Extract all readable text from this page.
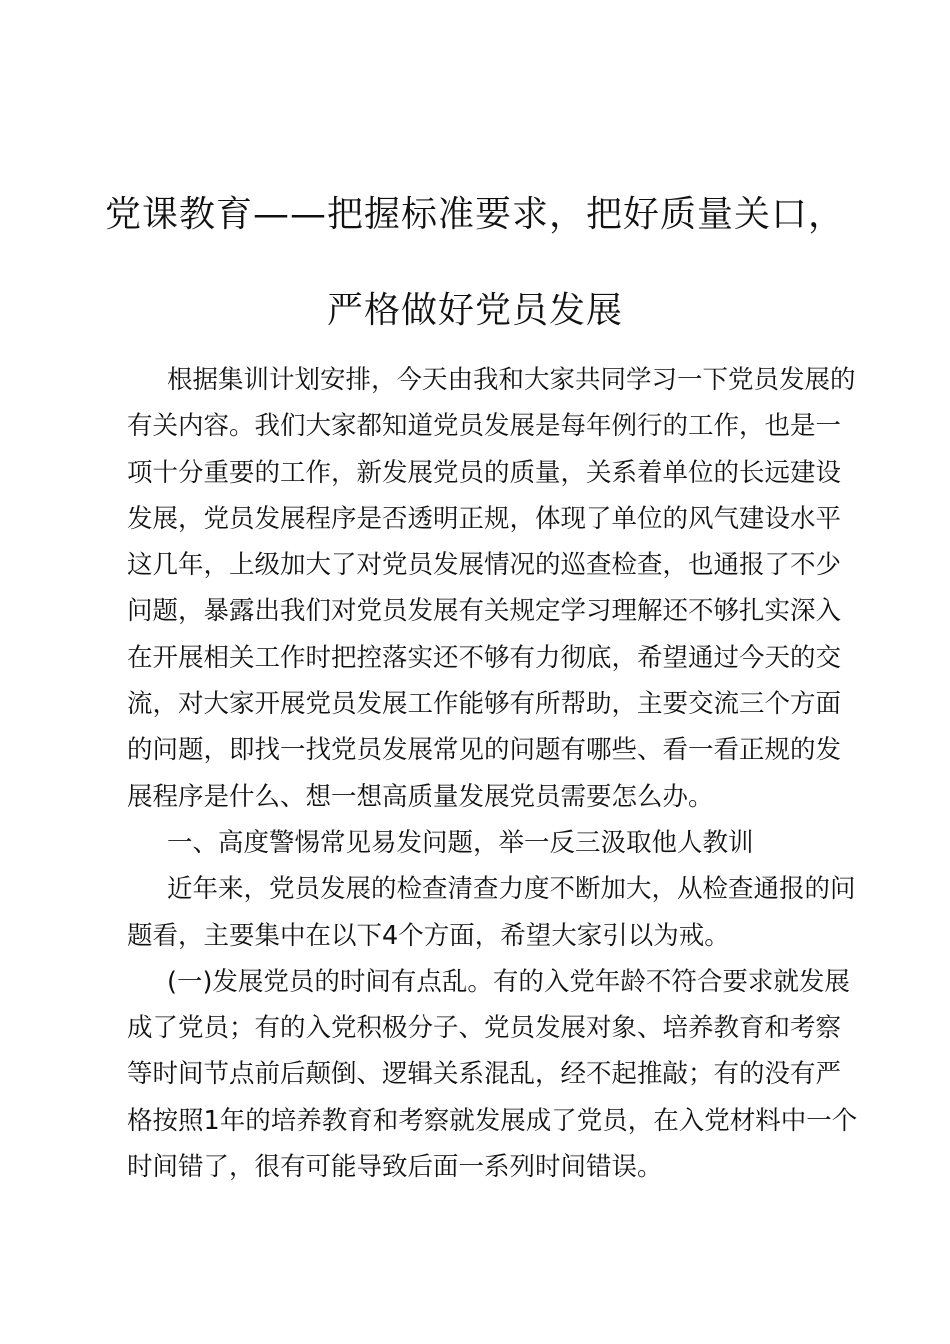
党课教育——把握标准要求，把好质量关口，
严格做好党员发展
根据集训计划安排，今天由我和大家共同学习一下党员发展的
有关内容。我们大家都知道党员发展是每年例行的工作，也是一
项十分重要的工作，新发展党员的质量，关系着单位的长远建设
发展，党员发展程序是否透明正规，体现了单位的风气建设水平
这几年，上级加大了对党员发展情况的巡查检查，也通报了不少
问题，暴露出我们对党员发展有关规定学习理解还不够扎实深入
在开展相关工作时把控落实还不够有力彻底，希望通过今天的交
流，对大家开展党员发展工作能够有所帮助，主要交流三个方面
的问题，即找一找党员发展常见的问题有哪些、看一看正规的发
展程序是什么、想一想高质量发展党员需要怎么办。
一、高度警惕常见易发问题，举一反三汲取他人教训
近年来，党员发展的检查清查力度不断加大，从检查通报的问
题看，主要集中在以下4个方面，希望大家引以为戒。
(一)发展党员的时间有点乱。有的入党年龄不符合要求就发展
成了党员；有的入党积极分子、党员发展对象、培养教育和考察
等时间节点前后颠倒、逻辑关系混乱，经不起推敲；有的没有严
格按照1年的培养教育和考察就发展成了党员，在入党材料中一个
时间错了，很有可能导致后面一系列时间错误。
